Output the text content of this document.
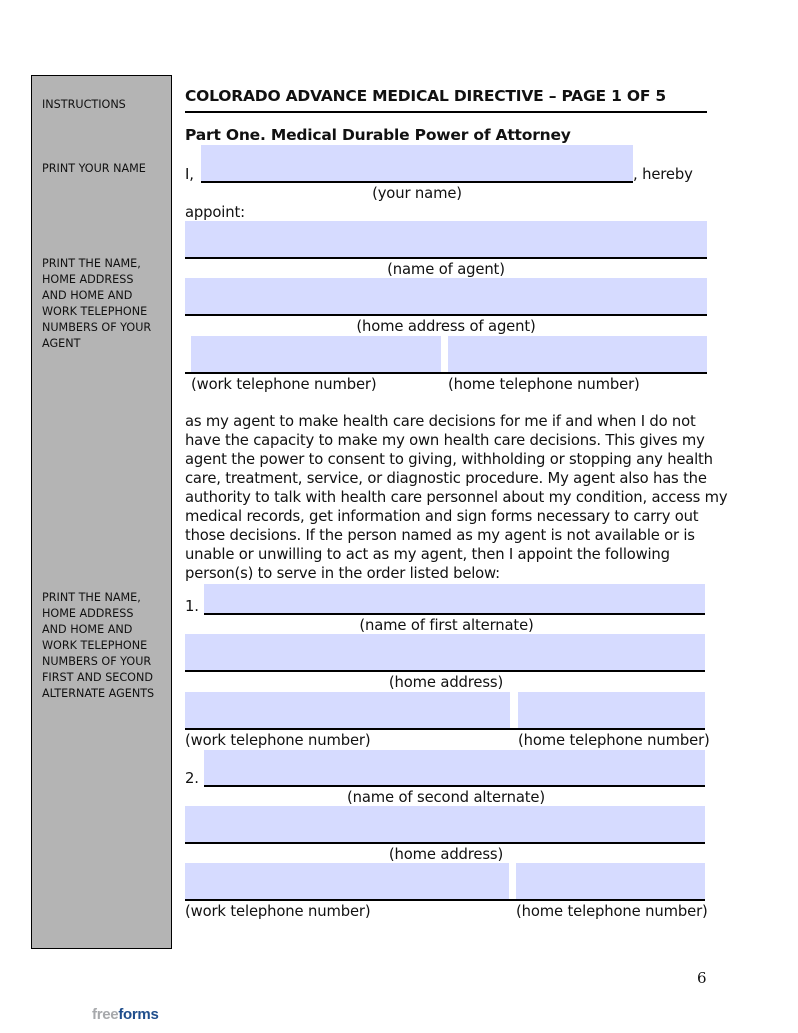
INSTRUCTIONS
PRINT YOUR NAME
PRINT THE NAME,
HOME ADDRESS
AND HOME AND
WORK TELEPHONE
NUMBERS OF YOUR
AGENT
PRINT THE NAME,
HOME ADDRESS
AND HOME AND
WORK TELEPHONE
NUMBERS OF YOUR
FIRST AND SECOND
ALTERNATE AGENTS
COLORADO ADVANCE MEDICAL DIRECTIVE – PAGE 1 OF 5
Part One. Medical Durable Power of Attorney
I,	, hereby
(your name)
appoint:
(name of agent)
(home address of agent)
(work telephone number)	(home telephone number)
as my agent to make health care decisions for me if and when I do not
have the capacity to make my own health care decisions. This gives my
agent the power to consent to giving, withholding or stopping any health
care, treatment, service, or diagnostic procedure. My agent also has the
authority to talk with health care personnel about my condition, access my
medical records, get information and sign forms necessary to carry out
those decisions. If the person named as my agent is not available or is
unable or unwilling to act as my agent, then I appoint the following
person(s) to serve in the order listed below:
1.
(name of first alternate)
(home address)
(work telephone number)	(home telephone number)
2.
(name of second alternate)
(home address)
(work telephone number)	(home telephone number)
6
freeforms
